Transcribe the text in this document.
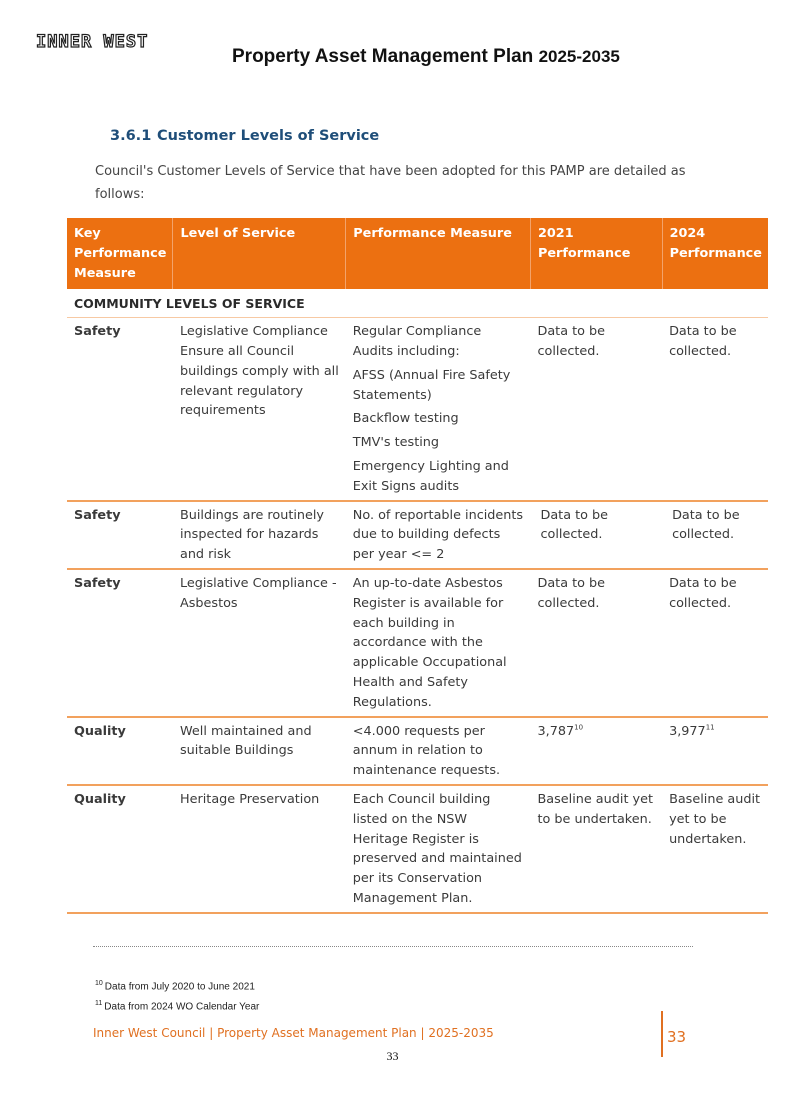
INNER WEST
Property Asset Management Plan 2025-2035
3.6.1 Customer Levels of Service
Council's Customer Levels of Service that have been adopted for this PAMP are detailed as follows:
Key Performance Measure	Level of Service	Performance Measure	2021 Performance	2024 Performance
COMMUNITY LEVELS OF SERVICE				
Safety	Legislative Compliance Ensure all Council buildings comply with all relevant regulatory requirements	Regular Compliance Audits including:

AFSS (Annual Fire Safety Statements)

Backflow testing

TMV's testing

Emergency Lighting and Exit Signs audits	Data to be collected.	Data to be collected.
Safety	Buildings are routinely inspected for hazards and risk	No. of reportable incidents due to building defects per year <= 2	Data to be collected.	Data to be collected.
Safety	Legislative Compliance - Asbestos	An up-to-date Asbestos Register is available for each building in accordance with the applicable Occupational Health and Safety Regulations.	Data to be collected.	Data to be collected.
Quality	Well maintained and suitable Buildings	<4.000 requests per annum in relation to maintenance requests.	3,787$^{10}$	3,977$^{11}$
Quality	Heritage Preservation	Each Council building listed on the NSW Heritage Register is preserved and maintained per its Conservation Management Plan.	Baseline audit yet to be undertaken.	Baseline audit yet to be undertaken.
$^{10}$ Data from July 2020 to June 2021
$^{11}$ Data from 2024 WO Calendar Year
Inner West Council | Property Asset Management Plan | 2025-2035	33
33
